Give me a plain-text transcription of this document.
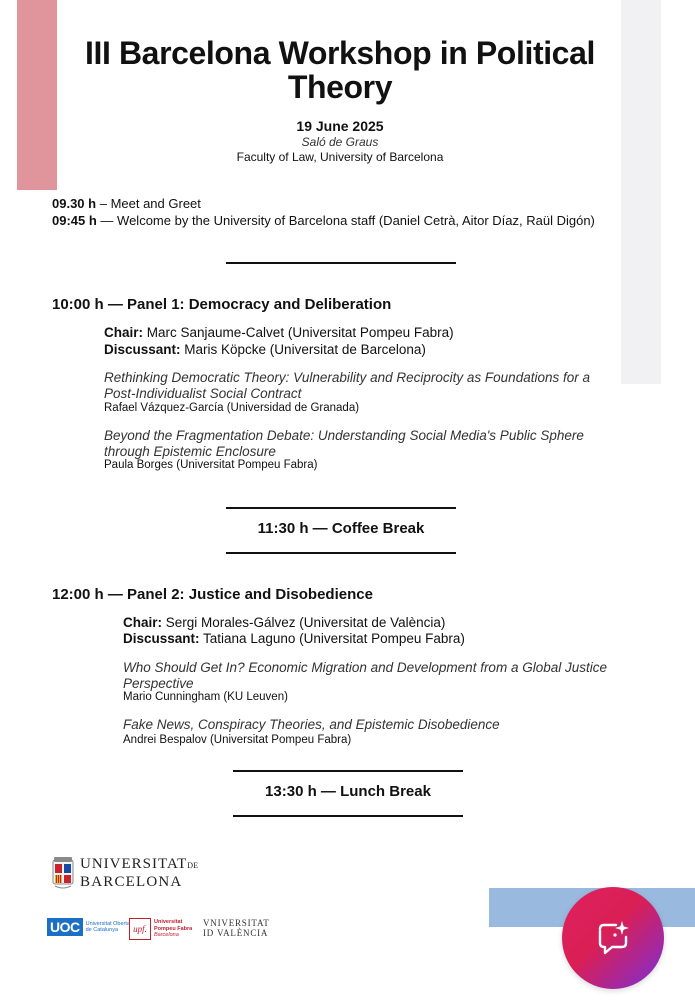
III Barcelona Workshop in Political
Theory
19 June 2025
Saló de Graus
Faculty of Law, University of Barcelona
09.30 h – Meet and Greet
09:45 h — Welcome by the University of Barcelona staff (Daniel Cetrà, Aitor Díaz, Raül Digón)
10:00 h — Panel 1: Democracy and Deliberation
Chair: Marc Sanjaume-Calvet (Universitat Pompeu Fabra)
Discussant: Maris Köpcke (Universitat de Barcelona)
Rethinking Democratic Theory: Vulnerability and Reciprocity as Foundations for a Post-Individualist Social Contract
Rafael Vázquez-García (Universidad de Granada)
Beyond the Fragmentation Debate: Understanding Social Media's Public Sphere through Epistemic Enclosure
Paula Borges (Universitat Pompeu Fabra)
11:30 h — Coffee Break
12:00 h — Panel 2: Justice and Disobedience
Chair: Sergi Morales-Gálvez (Universitat de València)
Discussant: Tatiana Laguno (Universitat Pompeu Fabra)
Who Should Get In? Economic Migration and Development from a Global Justice Perspective
Mario Cunningham (KU Leuven)
Fake News, Conspiracy Theories, and Epistemic Disobedience
Andrei Bespalov (Universitat Pompeu Fabra)
13:30 h — Lunch Break
UNIVERSITATDE
BARCELONA
UOC	Universitat Oberta
de Catalunya	upf.
Universitat
Pompeu Fabra
Barcelona
VNIVERSITAT
ID VALÈNCIA
